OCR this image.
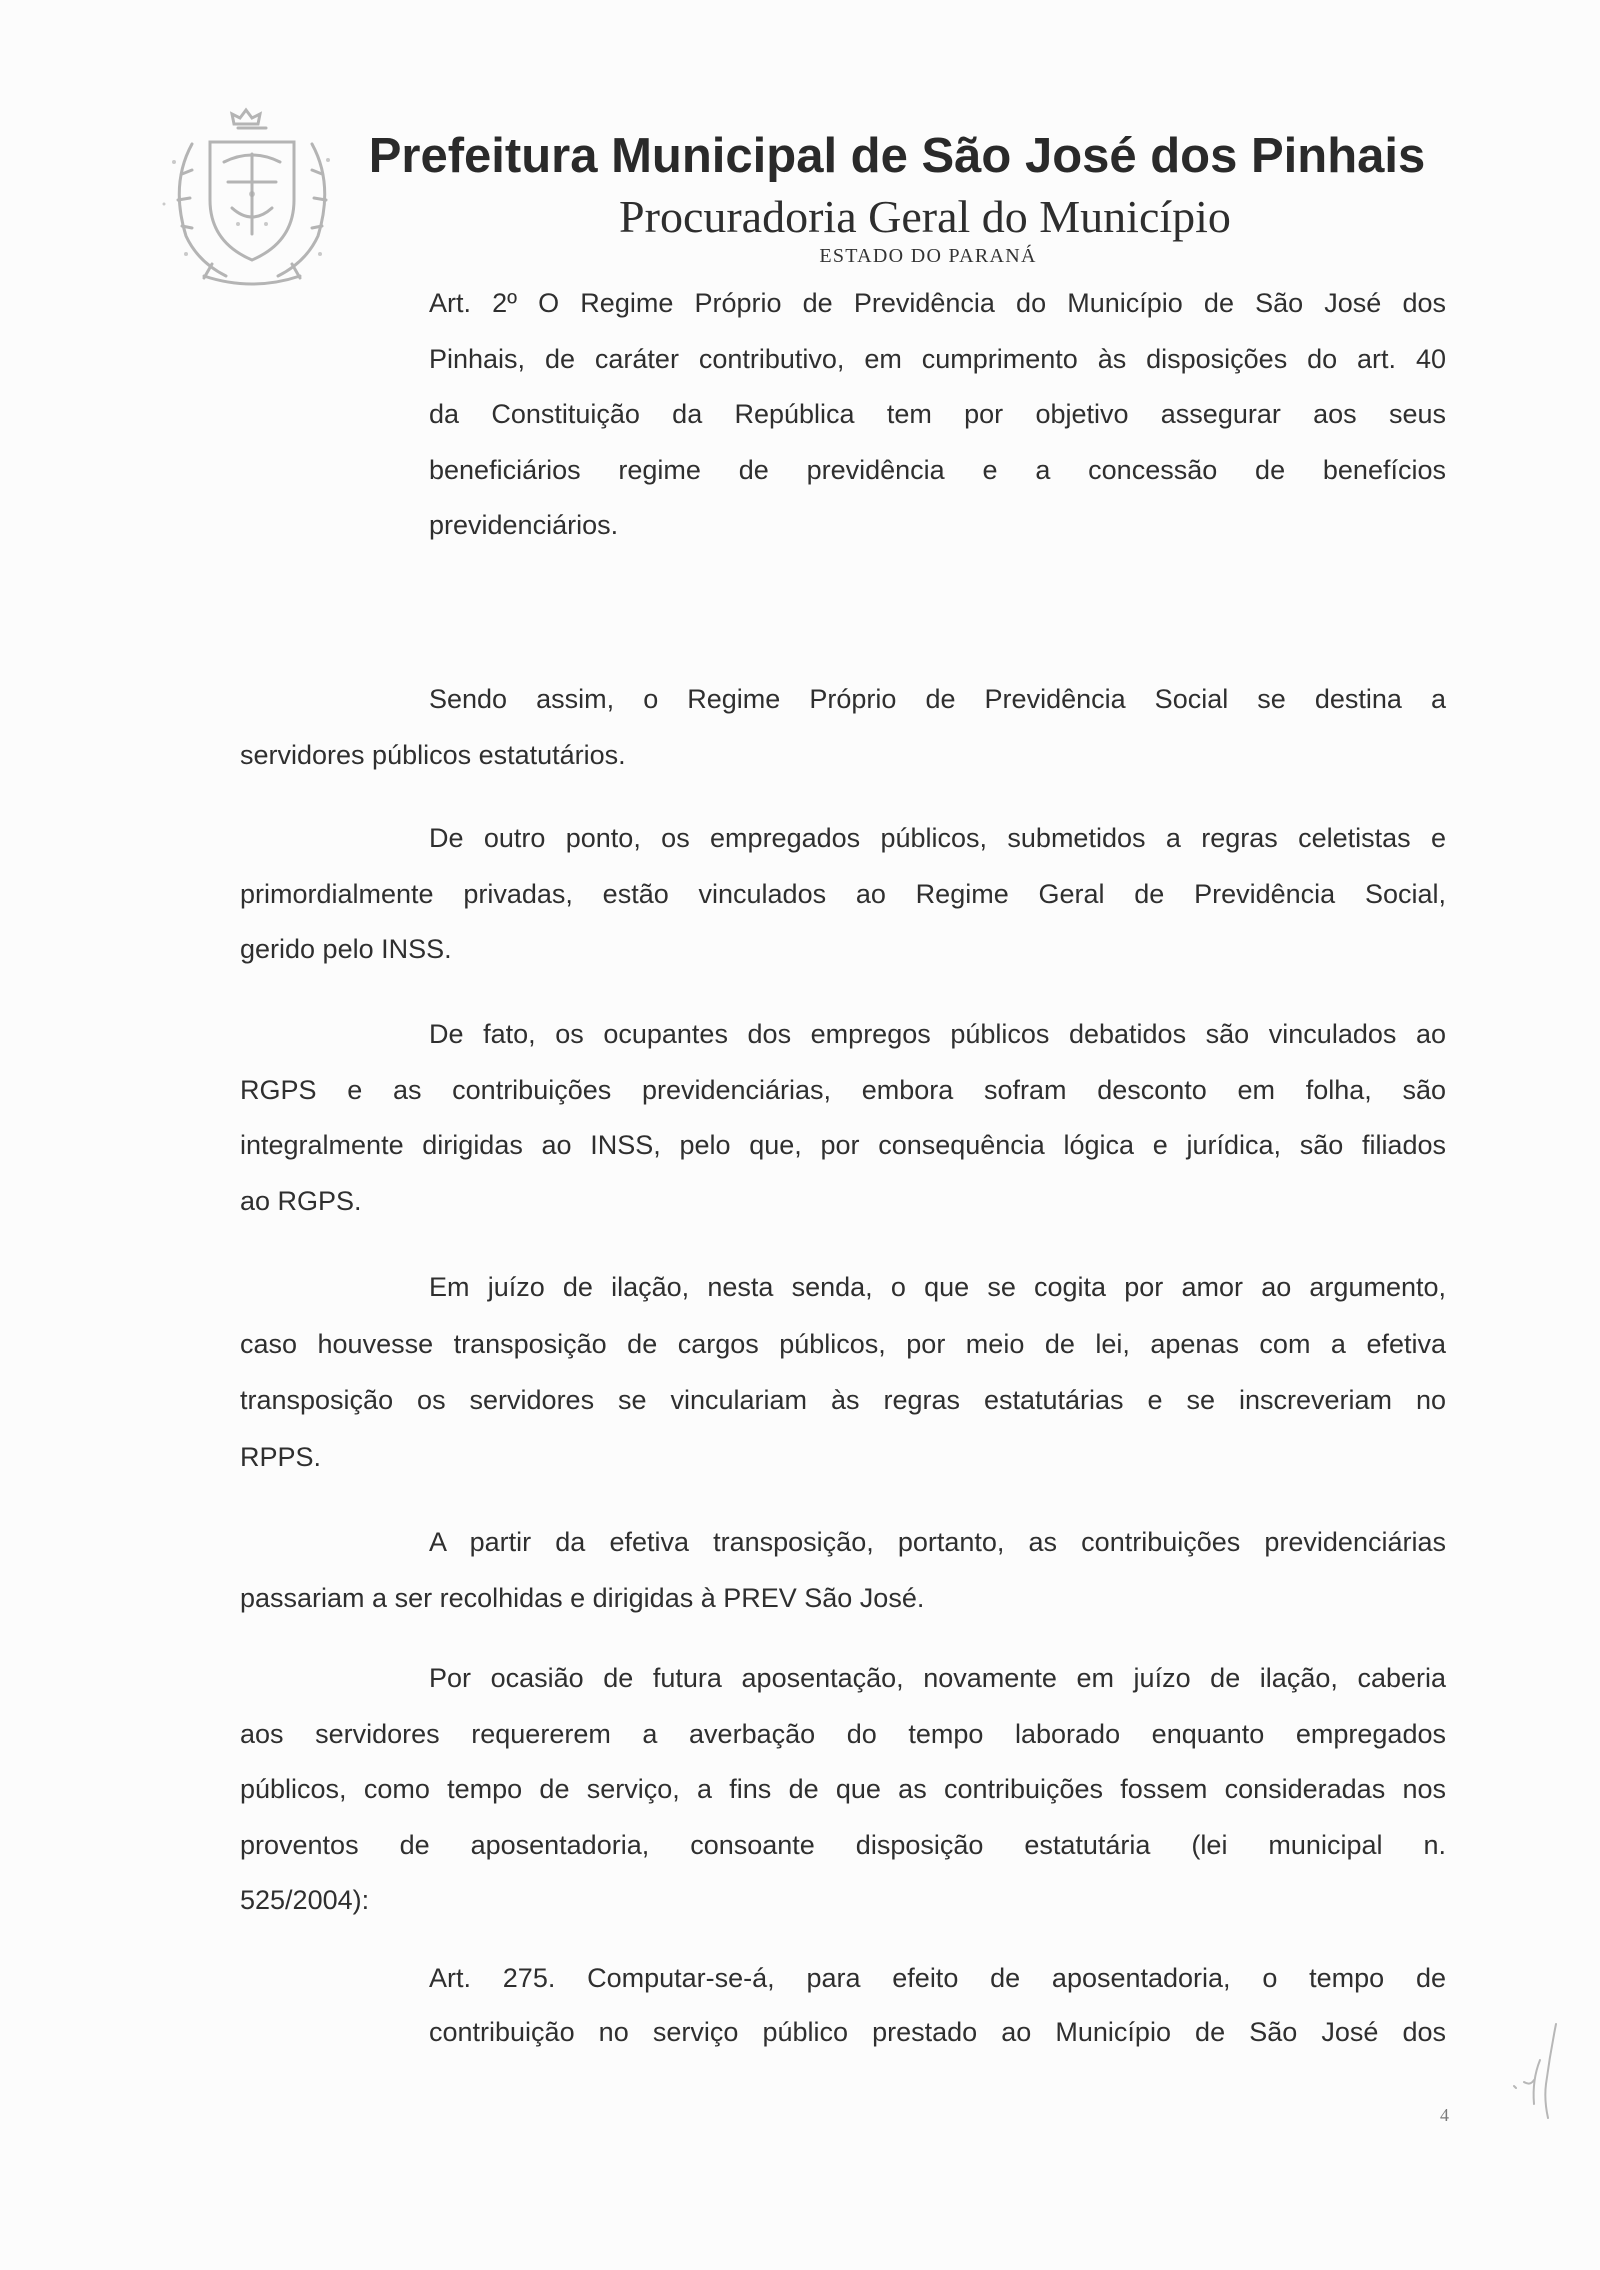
Prefeitura Municipal de São José dos Pinhais
Procuradoria Geral do Município
ESTADO DO PARANÁ
Art. 2º O Regime Próprio de Previdência do Município de São José dos
Pinhais, de caráter contributivo, em cumprimento às disposições do art. 40
da Constituição da República tem por objetivo assegurar aos seus
beneficiários regime de previdência e a concessão de benefícios
previdenciários.
Sendo assim, o Regime Próprio de Previdência Social se destina a
servidores públicos estatutários.
De outro ponto, os empregados públicos, submetidos a regras celetistas e
primordialmente privadas, estão vinculados ao Regime Geral de Previdência Social,
gerido pelo INSS.
De fato, os ocupantes dos empregos públicos debatidos são vinculados ao
RGPS e as contribuições previdenciárias, embora sofram desconto em folha, são
integralmente dirigidas ao INSS, pelo que, por consequência lógica e jurídica, são filiados
ao RGPS.
Em juízo de ilação, nesta senda, o que se cogita por amor ao argumento,
caso houvesse transposição de cargos públicos, por meio de lei, apenas com a efetiva
transposição os servidores se vinculariam às regras estatutárias e se inscreveriam no
RPPS.
A partir da efetiva transposição, portanto, as contribuições previdenciárias
passariam a ser recolhidas e dirigidas à PREV São José.
Por ocasião de futura aposentação, novamente em juízo de ilação, caberia
aos servidores requererem a averbação do tempo laborado enquanto empregados
públicos, como tempo de serviço, a fins de que as contribuições fossem consideradas nos
proventos de aposentadoria, consoante disposição estatutária (lei municipal n.
525/2004):
Art. 275. Computar-se-á, para efeito de aposentadoria, o tempo de
contribuição no serviço público prestado ao Município de São José dos
4
